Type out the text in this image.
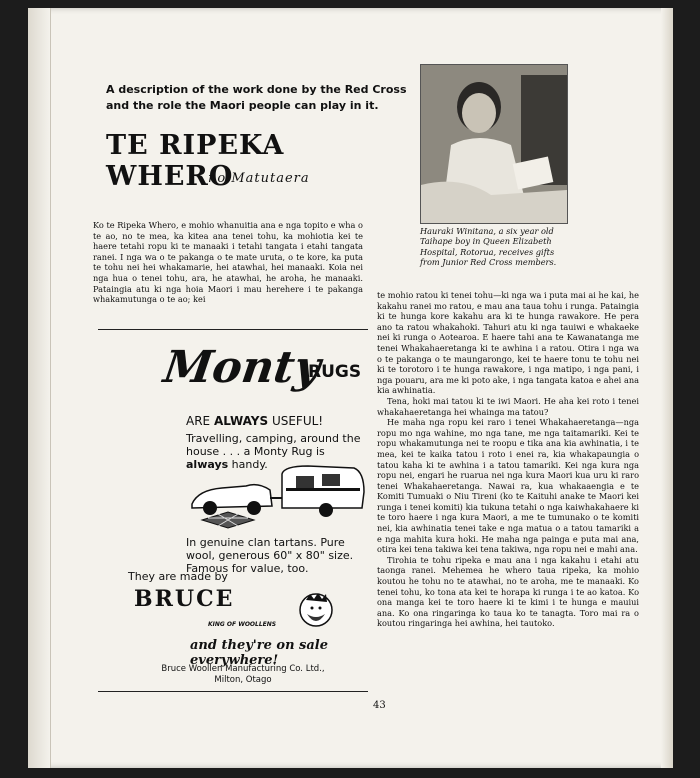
A description of the work done by the Red Cross and the role the Maori people can play in it.
TE RIPEKA WHERO
no Matutaera
Hauraki Winitana, a six year old Taihape boy in Queen Elizabeth Hospital, Rotorua, receives gifts from Junior Red Cross members.

Ko te Ripeka Whero, e mohio whanuitia ana e nga topito e wha o te ao, no te mea, ka kitea ana tenei tohu, ka mohiotia kei te haere tetahi ropu ki te manaaki i tetahi tangata i etahi tangata ranei. I nga wa o te pakanga o te mate uruta, o te kore, ka puta te tohu nei hei whakamarie, hei atawhai, hei manaaki. Koia nei nga hua o tenei tohu, ara, he atawhai, he aroha, he manaaki. Pataingia atu ki nga hoia Maori i mau herehere i te pakanga whakamutunga o te ao; kei

Monty
RUGS
ARE ALWAYS USEFUL!
Travelling, camping, around the house . . . a Monty Rug is always handy.
In genuine clan tartans. Pure wool, generous 60" x 80" size. Famous for value, too.
They are made by
BRUCE
KING OF WOOLLENS
and they're on sale everywhere!
Bruce Woollen Manufacturing Co. Ltd.,
Milton, Otago

te mohio ratou ki tenei tohu—ki nga wa i puta mai ai he kai, he kakahu ranei mo ratou, e mau ana taua tohu i runga. Pataingia ki te hunga kore kakahu ara ki te hunga rawakore. He pera ano ta ratou whakahoki. Tahuri atu ki nga tauiwi e whakaeke nei ki runga o Aotearoa. E haere tahi ana te Kawanatanga me tenei Whakahaeretanga ki te awhina i a ratou. Otira i nga wa o te pakanga o te maungarongo, kei te haere tonu te tohu nei ki te torotoro i te hunga rawakore, i nga matipo, i nga pani, i nga pouaru, ara me ki poto ake, i nga tangata katoa e ahei ana kia awhinatia.

Tena, hoki mai tatou ki te iwi Maori. He aha kei roto i tenei whakahaeretanga hei whainga ma tatou?

He maha nga ropu kei raro i tenei Whakahaeretanga—nga ropu mo nga wahine, mo nga tane, me nga taitamariki. Kei te ropu whakamutunga nei te roopu e tika ana kia awhinatia, i te mea, kei te kaika tatou i roto i enei ra, kia whakapaungia o tatou kaha ki te awhina i a tatou tamariki. Kei nga kura nga ropu nei, engari he ruarua nei nga kura Maori kua uru ki raro tenei Whakahaeretanga. Nawai ra, kua whakaaengia e te Komiti Tumuaki o Niu Tireni (ko te Kaituhi anake te Maori kei runga i tenei komiti) kia tukuna tetahi o nga kaiwhakahaere ki te toro haere i nga kura Maori, a me te tumunako o te komiti nei, kia awhinatia tenei take e nga matua o a tatou tamariki a e nga mahita kura hoki. He maha nga painga e puta mai ana, otira kei tena takiwa kei tena takiwa, nga ropu nei e mahi ana.

Tirohia te tohu ripeka e mau ana i nga kakahu i etahi atu taonga ranei. Mehemea he whero taua ripeka, ka mohio koutou he tohu no te atawhai, no te aroha, me te manaaki. Ko tenei tohu, ko tona ata kei te horapa ki runga i te ao katoa. Ko ona manga kei te toro haere ki te kimi i te hunga e mauiui ana. Ko ona ringaringa ko taua ko te tanagta. Toro mai ra o koutou ringaringa hei awhina, hei tautoko.

43
